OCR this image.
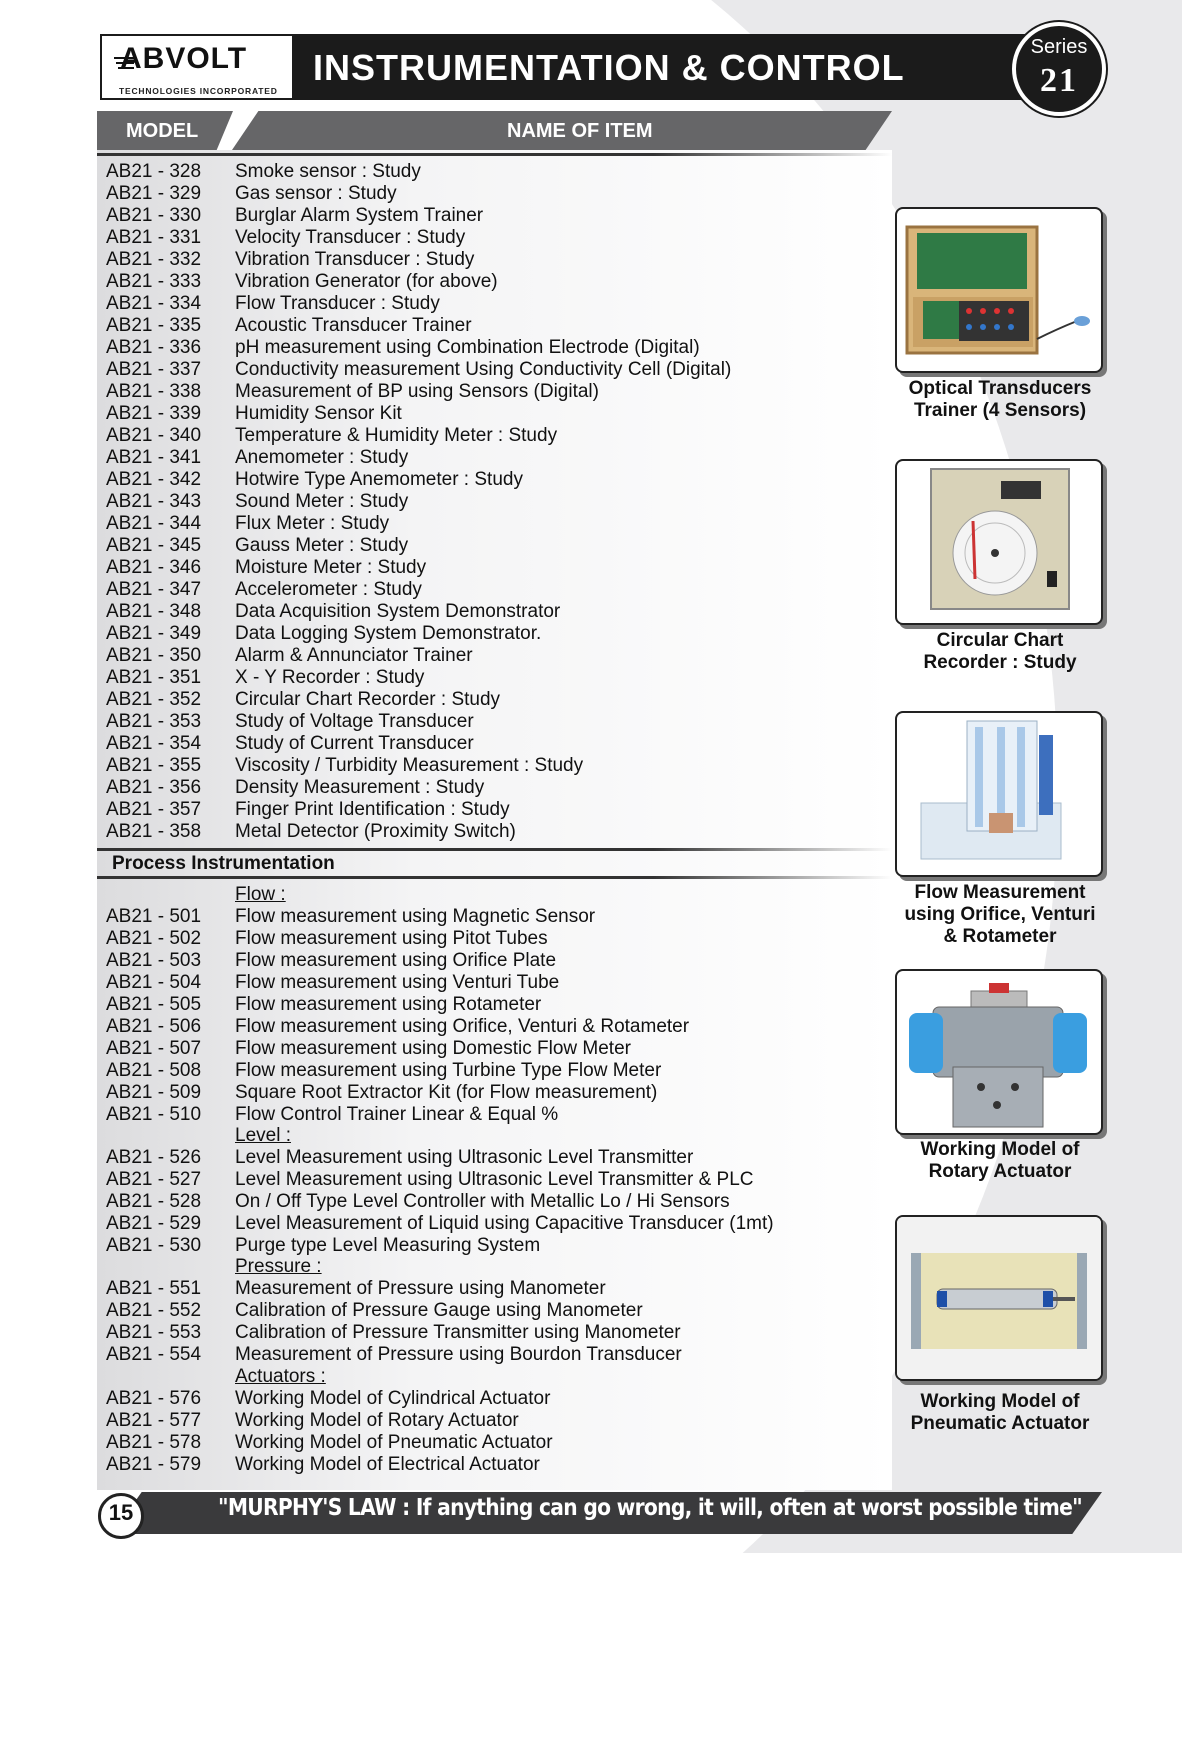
ABVOLT
TECHNOLOGIES INCORPORATED
INSTRUMENTATION & CONTROL	Series
21
MODEL	NAME OF ITEM
AB21 - 328 Smoke sensor : Study
AB21 - 329 Gas sensor : Study
AB21 - 330 Burglar Alarm System Trainer
AB21 - 331 Velocity Transducer : Study
AB21 - 332 Vibration Transducer : Study
AB21 - 333 Vibration Generator (for above)
AB21 - 334 Flow Transducer : Study
AB21 - 335 Acoustic Transducer Trainer
AB21 - 336 pH measurement using Combination Electrode (Digital)
AB21 - 337 Conductivity measurement Using Conductivity Cell (Digital)
AB21 - 338 Measurement of BP using Sensors (Digital)
AB21 - 339 Humidity Sensor Kit
AB21 - 340 Temperature & Humidity Meter : Study
AB21 - 341 Anemometer : Study
AB21 - 342 Hotwire Type Anemometer : Study
AB21 - 343 Sound Meter : Study
AB21 - 344 Flux Meter : Study
AB21 - 345 Gauss Meter : Study
AB21 - 346 Moisture Meter : Study
AB21 - 347 Accelerometer : Study
AB21 - 348 Data Acquisition System Demonstrator
AB21 - 349 Data Logging System Demonstrator.
AB21 - 350 Alarm & Annunciator Trainer
AB21 - 351 X - Y Recorder : Study
AB21 - 352 Circular Chart Recorder : Study
AB21 - 353 Study of Voltage Transducer
AB21 - 354 Study of Current Transducer
AB21 - 355 Viscosity / Turbidity Measurement : Study
AB21 - 356 Density Measurement : Study
AB21 - 357 Finger Print Identification : Study
AB21 - 358 Metal Detector (Proximity Switch)
Process Instrumentation
Flow :
AB21 - 501 Flow measurement using Magnetic Sensor
AB21 - 502 Flow measurement using Pitot Tubes
AB21 - 503 Flow measurement using Orifice Plate
AB21 - 504 Flow measurement using Venturi Tube
AB21 - 505 Flow measurement using Rotameter
AB21 - 506 Flow measurement using Orifice, Venturi & Rotameter
AB21 - 507 Flow measurement using Domestic Flow Meter
AB21 - 508 Flow measurement using Turbine Type Flow Meter
AB21 - 509 Square Root Extractor Kit (for Flow measurement)
AB21 - 510 Flow Control Trainer Linear & Equal %
Level :
AB21 - 526 Level Measurement using Ultrasonic Level Transmitter
AB21 - 527 Level Measurement using Ultrasonic Level Transmitter & PLC
AB21 - 528 On / Off Type Level Controller with Metallic Lo / Hi Sensors
AB21 - 529 Level Measurement of Liquid using Capacitive Transducer (1mt)
AB21 - 530 Purge type Level Measuring System
Pressure :
AB21 - 551 Measurement of Pressure using Manometer
AB21 - 552 Calibration of Pressure Gauge using Manometer
AB21 - 553 Calibration of Pressure Transmitter using Manometer
AB21 - 554 Measurement of Pressure using Bourdon Transducer
Actuators :
AB21 - 576 Working Model of Cylindrical Actuator
AB21 - 577 Working Model of Rotary Actuator
AB21 - 578 Working Model of Pneumatic Actuator
AB21 - 579 Working Model of Electrical Actuator
Optical Transducers
Trainer (4 Sensors)
Circular Chart
Recorder : Study
Flow Measurement
using Orifice, Venturi
& Rotameter
Working Model of
Rotary Actuator
Working Model of
Pneumatic Actuator
"MURPHY'S LAW : If anything can go wrong, it will, often at worst possible time"
15
